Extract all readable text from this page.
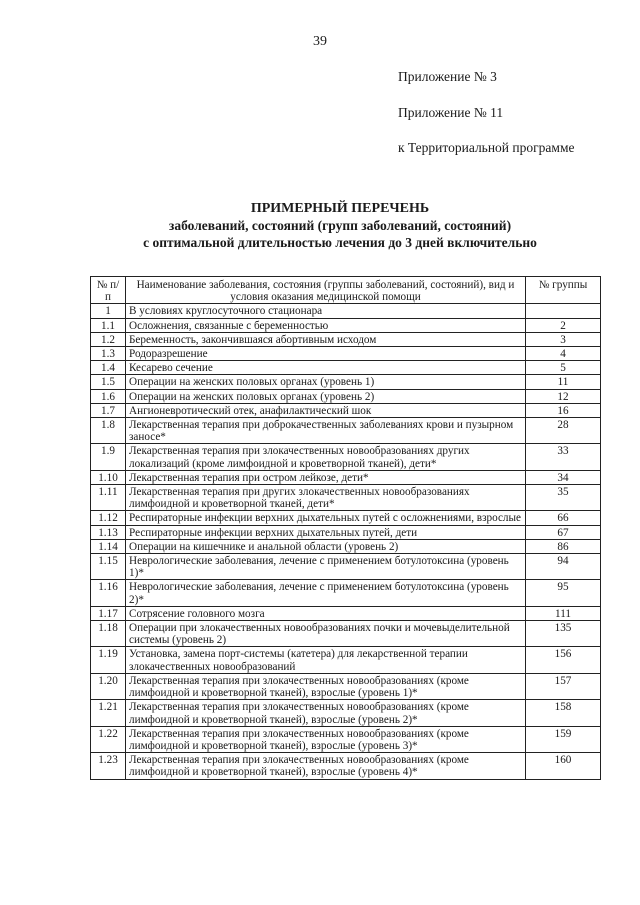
39
Приложение № 3
Приложение № 11
к Территориальной программе
ПРИМЕРНЫЙ ПЕРЕЧЕНЬ
заболеваний, состояний (групп заболеваний, состояний)
с оптимальной длительностью лечения до 3 дней включительно
№ п/п	Наименование заболевания, состояния (группы заболеваний, состояний), вид и условия оказания медицинской помощи	№ группы
1	В условиях круглосуточного стационара	
1.1	Осложнения, связанные с беременностью	2
1.2	Беременность, закончившаяся абортивным исходом	3
1.3	Родоразрешение	4
1.4	Кесарево сечение	5
1.5	Операции на женских половых органах (уровень 1)	11
1.6	Операции на женских половых органах (уровень 2)	12
1.7	Ангионевротический отек, анафилактический шок	16
1.8	Лекарственная терапия при доброкачественных заболеваниях крови и пузырном заносе*	28
1.9	Лекарственная терапия при злокачественных новообразованиях других локализаций (кроме лимфоидной и кроветворной тканей), дети*	33
1.10	Лекарственная терапия при остром лейкозе, дети*	34
1.11	Лекарственная терапия при других злокачественных новообразованиях лимфоидной и кроветворной тканей, дети*	35
1.12	Респираторные инфекции верхних дыхательных путей с осложнениями, взрослые	66
1.13	Респираторные инфекции верхних дыхательных путей, дети	67
1.14	Операции на кишечнике и анальной области (уровень 2)	86
1.15	Неврологические заболевания, лечение с применением ботулотоксина (уровень 1)*	94
1.16	Неврологические заболевания, лечение с применением ботулотоксина (уровень 2)*	95
1.17	Сотрясение головного мозга	111
1.18	Операции при злокачественных новообразованиях почки и мочевыделительной системы (уровень 2)	135
1.19	Установка, замена порт-системы (катетера) для лекарственной терапии злокачественных новообразований	156
1.20	Лекарственная терапия при злокачественных новообразованиях (кроме лимфоидной и кроветворной тканей), взрослые (уровень 1)*	157
1.21	Лекарственная терапия при злокачественных новообразованиях (кроме лимфоидной и кроветворной тканей), взрослые (уровень 2)*	158
1.22	Лекарственная терапия при злокачественных новообразованиях (кроме лимфоидной и кроветворной тканей), взрослые (уровень 3)*	159
1.23	Лекарственная терапия при злокачественных новообразованиях (кроме лимфоидной и кроветворной тканей), взрослые (уровень 4)*	160
